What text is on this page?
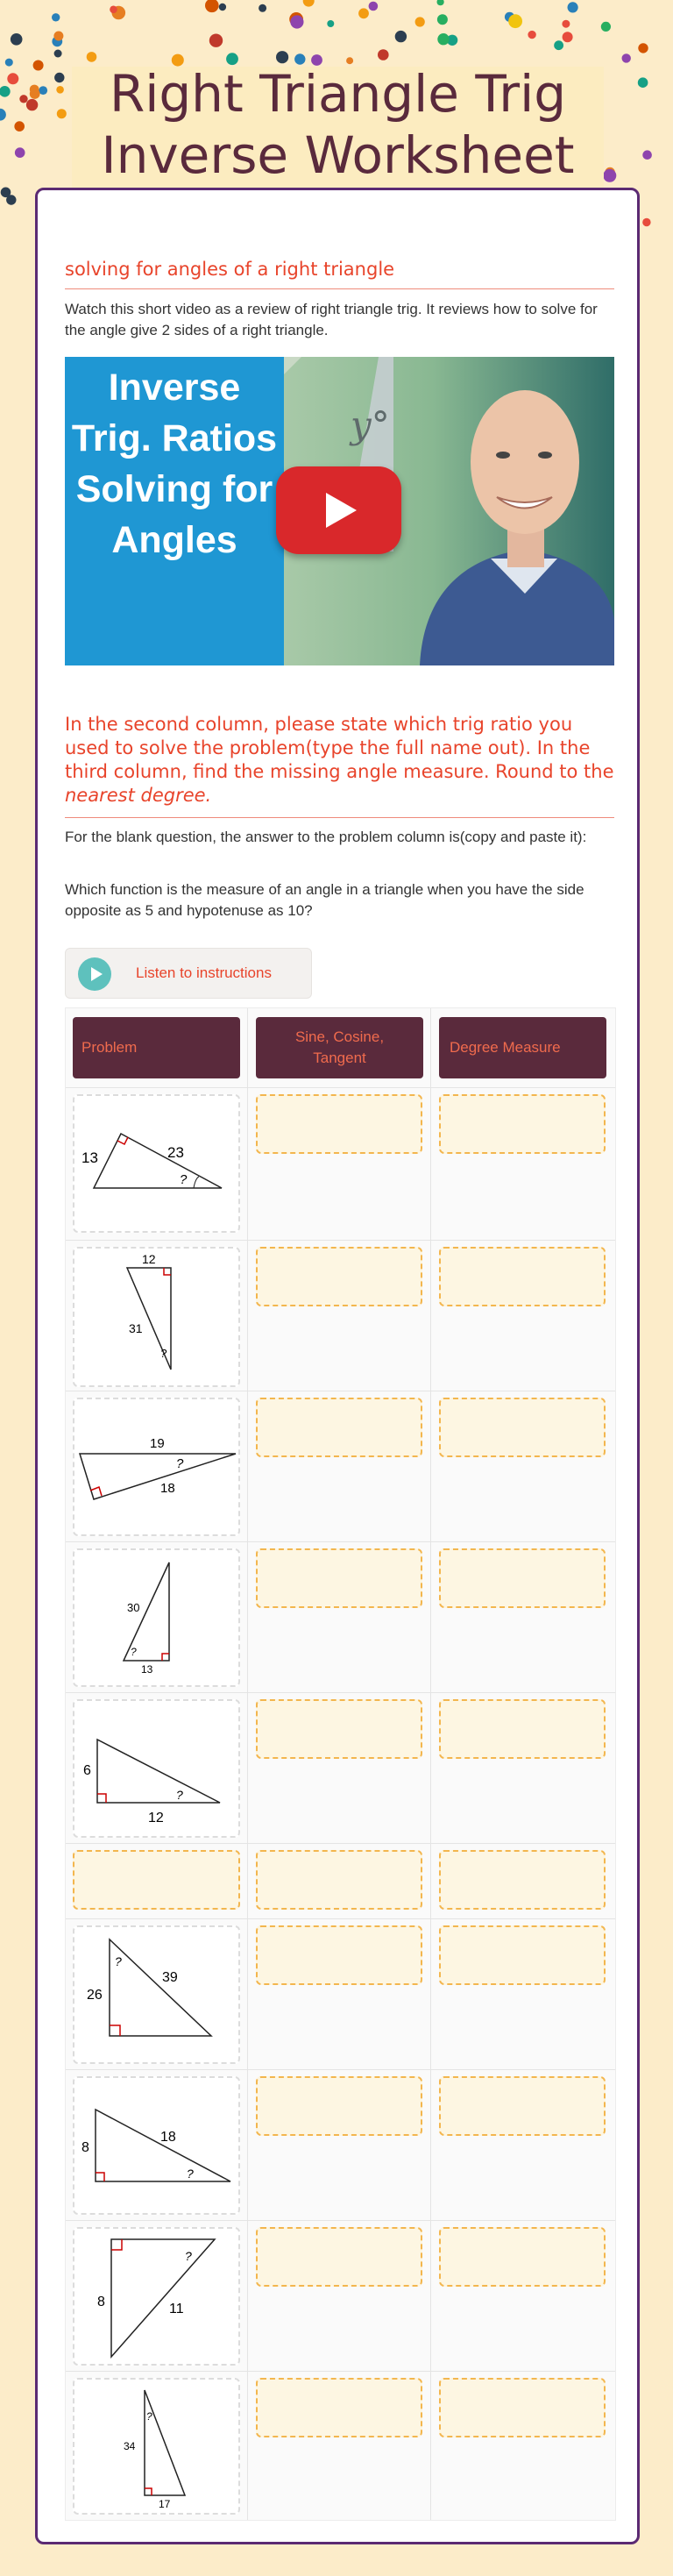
Right Triangle Trig Inverse Worksheet
solving for angles of a right triangle
Watch this short video as a review of right triangle trig. It reviews how to solve for the angle give 2 sides of a right triangle.
Inverse Trig. Ratios Solving for Angles
y°
In the second column, please state which trig ratio you used to solve the problem(type the full name out). In the third column, find the missing angle measure. Round to the nearest degree.
For the blank question, the answer to the problem column is(copy and paste it):
Which function is the measure of an angle in a triangle when you have the side opposite as 5 and hypotenuse as 10?
Listen to instructions
Problem
Sine, Cosine, Tangent
Degree Measure
13	23
?
12
31
?
19
?
18
30
?
13
6
12
?
?
26
39
8
18
?
8	11
?
?
34
17
